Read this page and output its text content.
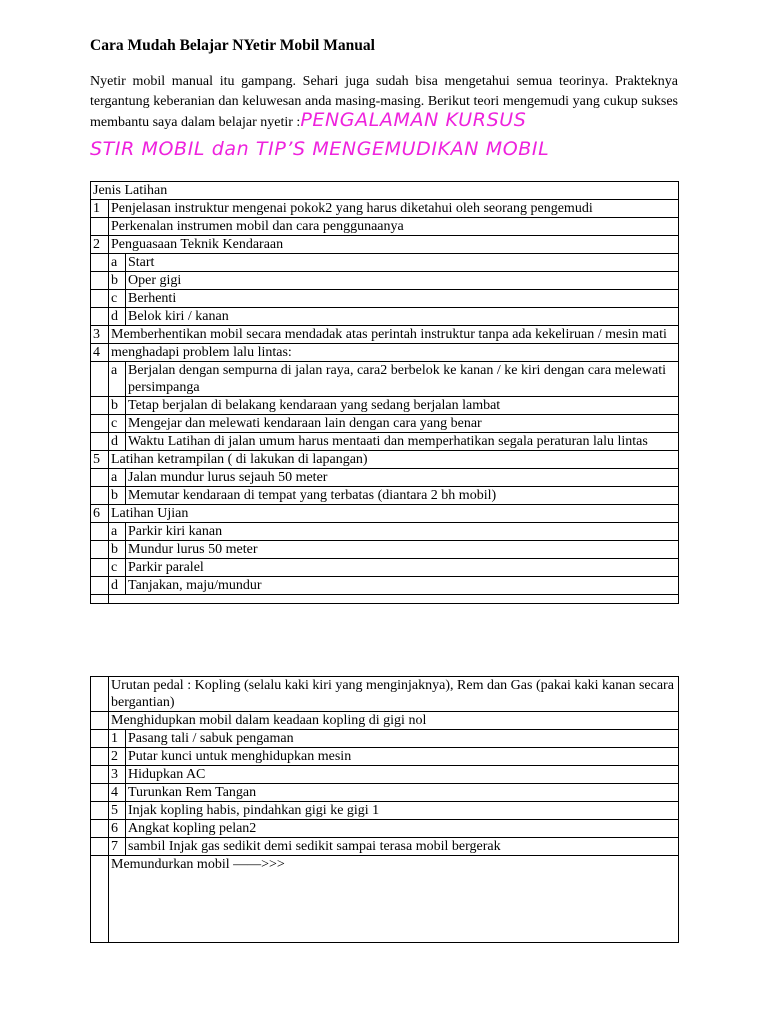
Cara Mudah Belajar NYetir Mobil Manual
Nyetir mobil manual itu gampang. Sehari juga sudah bisa mengetahui semua teorinya. Prakteknya tergantung keberanian dan keluwesan anda masing-masing. Berikut teori mengemudi yang cukup sukses membantu saya dalam belajar nyetir :PENGALAMAN KURSUS
STIR MOBIL dan TIP’S MENGEMUDIKAN MOBIL
Jenis Latihan		
1	Penjelasan instruktur mengenai pokok2 yang harus diketahui oleh seorang pengemudi	
	Perkenalan instrumen mobil dan cara penggunaanya	
2	Penguasaan Teknik Kendaraan	
	a	Start
	b	Oper gigi
	c	Berhenti
	d	Belok kiri / kanan
3	Memberhentikan mobil secara mendadak atas perintah instruktur tanpa ada kekeliruan / mesin mati	
4	menghadapi problem lalu lintas:	
	a	Berjalan dengan sempurna di jalan raya, cara2 berbelok ke kanan / ke kiri dengan cara melewati persimpanga
	b	Tetap berjalan di belakang kendaraan yang sedang berjalan lambat
	c	Mengejar dan melewati kendaraan lain dengan cara yang benar
	d	Waktu Latihan di jalan umum harus mentaati dan memperhatikan segala peraturan lalu lintas
5	Latihan ketrampilan ( di lakukan di lapangan)	
	a	Jalan mundur lurus sejauh 50 meter
	b	Memutar kendaraan di tempat yang terbatas (diantara 2 bh mobil)
6	Latihan Ujian	
	a	Parkir kiri kanan
	b	Mundur lurus 50 meter
	c	Parkir paralel
	d	Tanjakan, maju/mundur

	Urutan pedal : Kopling (selalu kaki kiri yang menginjaknya), Rem dan Gas (pakai kaki kanan secara bergantian)	
	Menghidupkan mobil dalam keadaan kopling di gigi nol	
	1	Pasang tali / sabuk pengaman
	2	Putar kunci untuk menghidupkan mesin
	3	Hidupkan AC
	4	Turunkan Rem Tangan
	5	Injak kopling habis, pindahkan gigi ke gigi 1
	6	Angkat kopling pelan2
	7	sambil Injak gas sedikit demi sedikit sampai terasa mobil bergerak
	Memundurkan mobil ——>>>	
